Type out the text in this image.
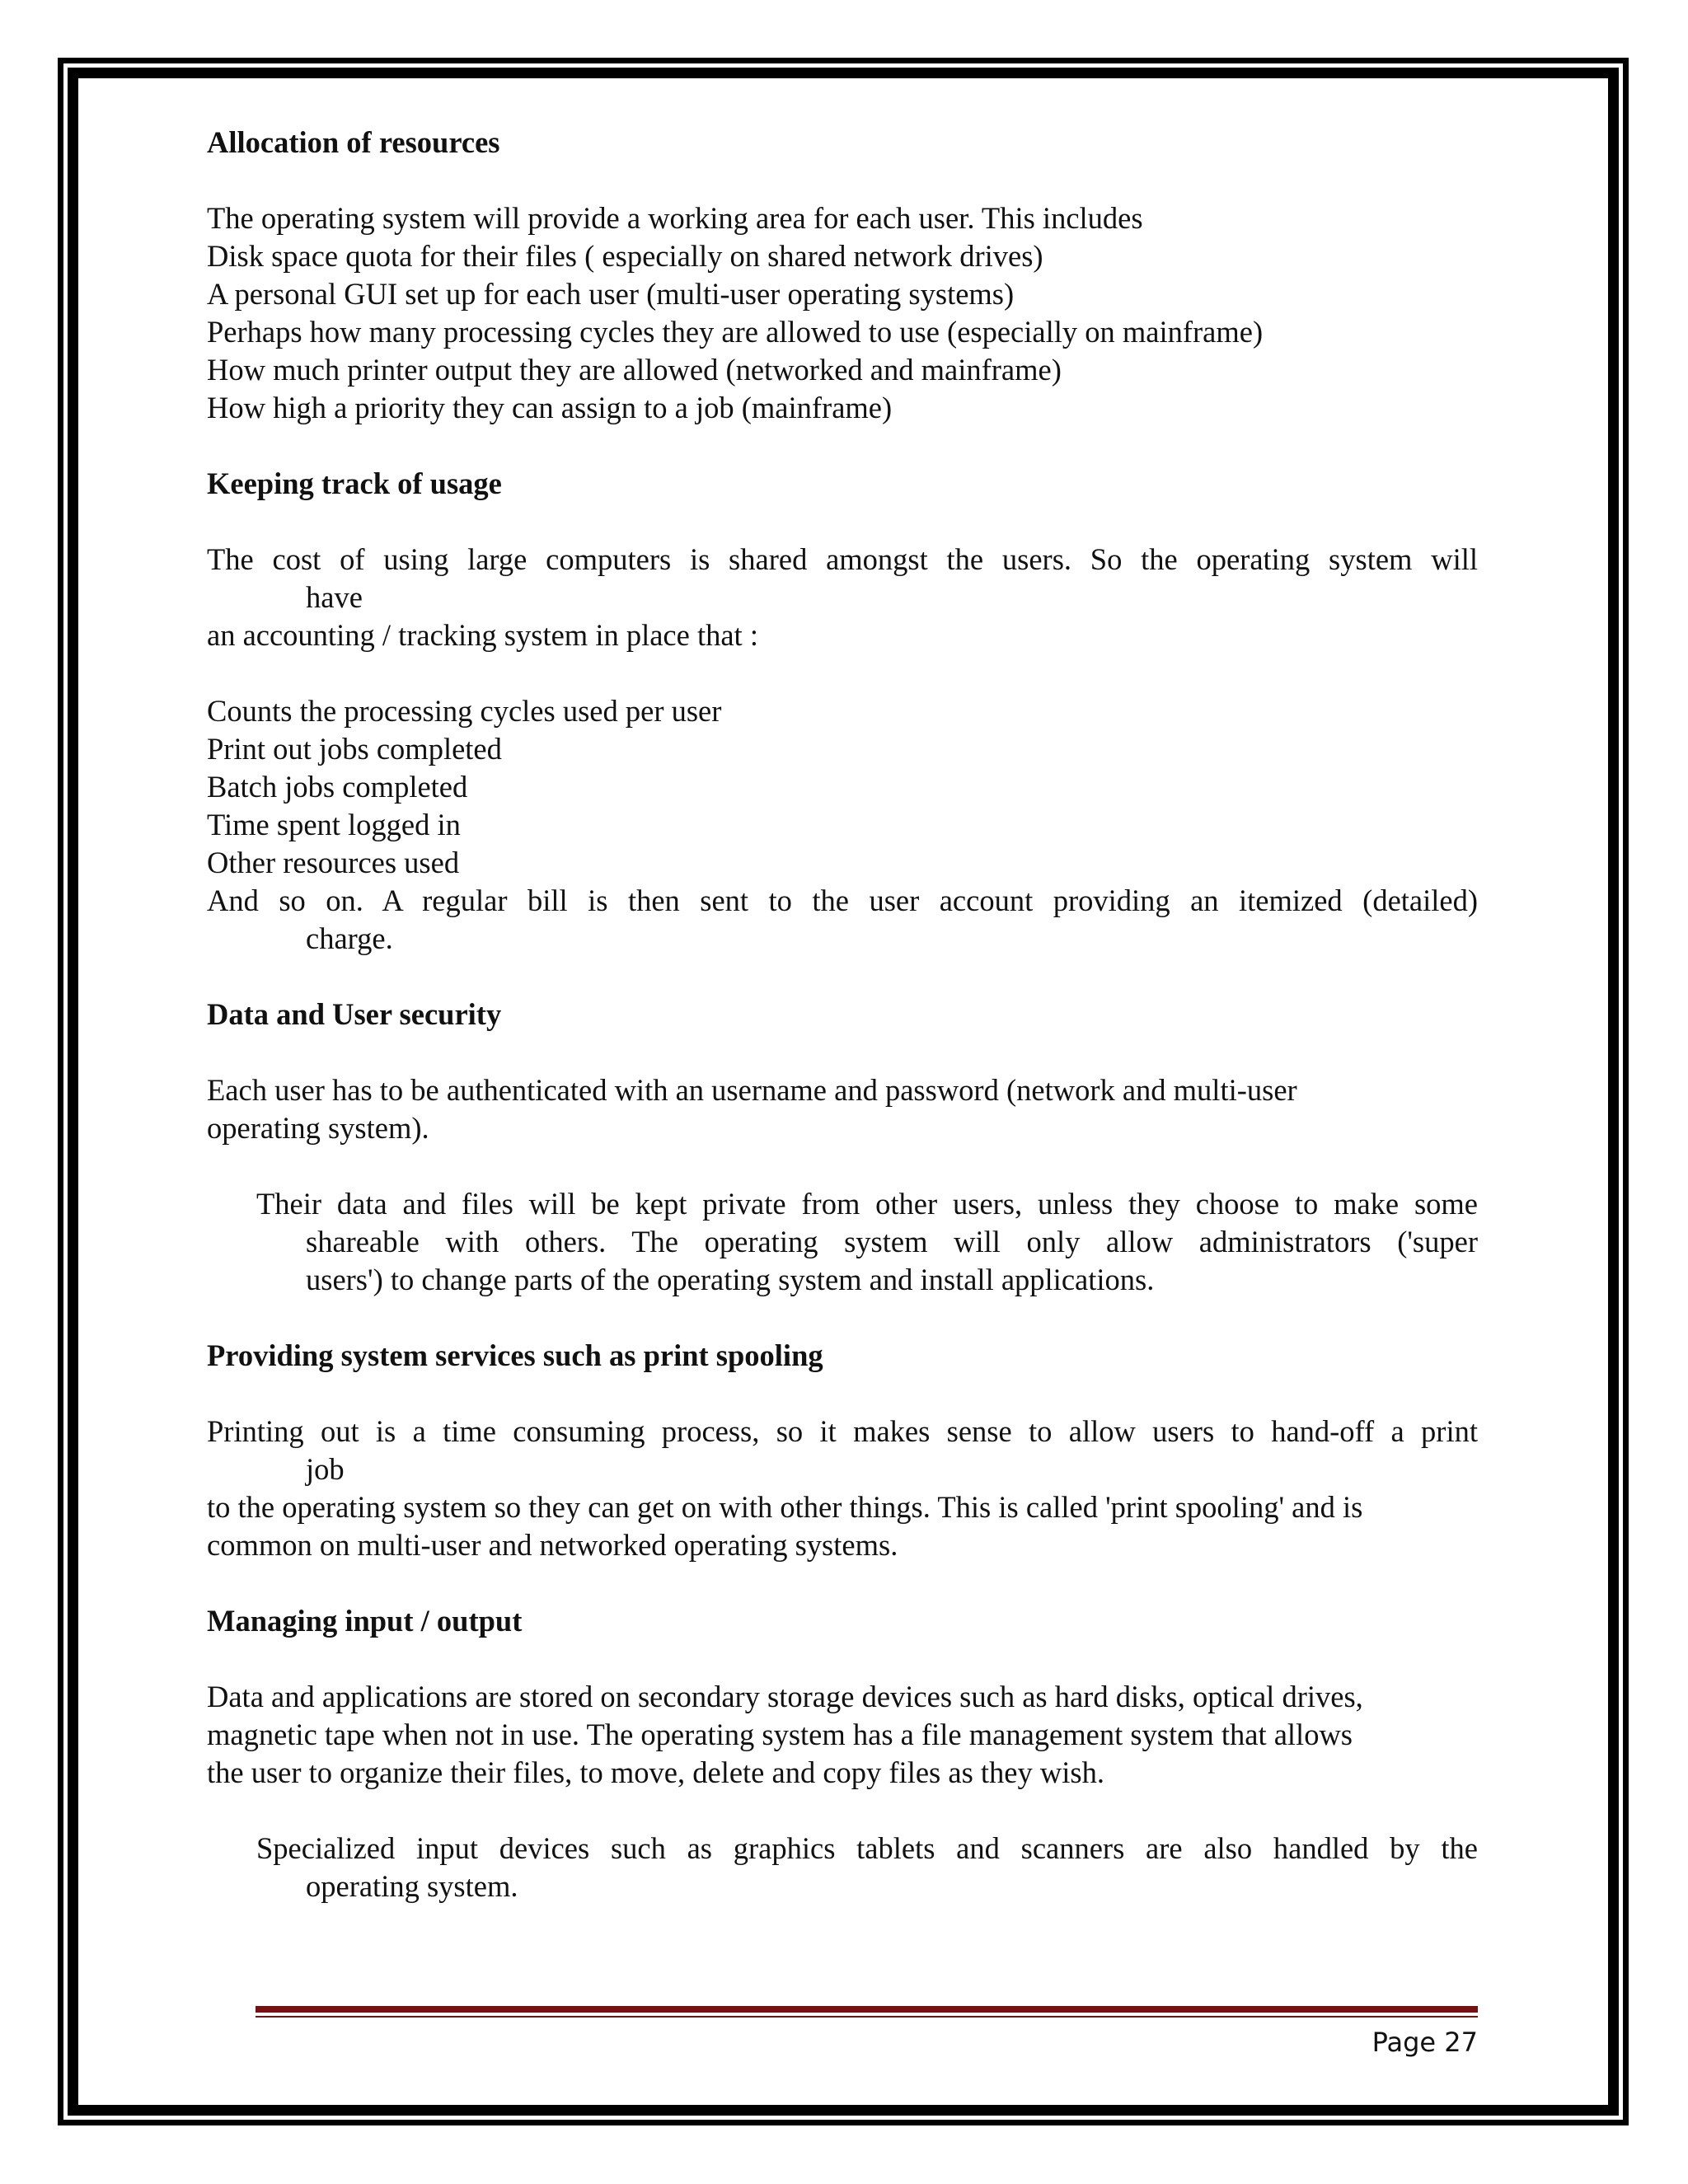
Allocation of resources

The operating system will provide a working area for each user. This includes

Disk space quota for their files ( especially on shared network drives)

A personal GUI set up for each user (multi-user operating systems)

Perhaps how many processing cycles they are allowed to use (especially on mainframe)

How much printer output they are allowed (networked and mainframe)

How high a priority they can assign to a job (mainframe)

Keeping track of usage

The cost of using large computers is shared amongst the users. So the operating system will

have

an accounting / tracking system in place that :

Counts the processing cycles used per user

Print out jobs completed

Batch jobs completed

Time spent logged in

Other resources used

And so on. A regular bill is then sent to the user account providing an itemized (detailed)

charge.

Data and User security

Each user has to be authenticated with an username and password (network and multi-user

operating system).

Their data and files will be kept private from other users, unless they choose to make some

shareable with others. The operating system will only allow administrators ('super

users') to change parts of the operating system and install applications.

Providing system services such as print spooling

Printing out is a time consuming process, so it makes sense to allow users to hand-off a print

job

to the operating system so they can get on with other things. This is called 'print spooling' and is

common on multi-user and networked operating systems.

Managing input / output

Data and applications are stored on secondary storage devices such as hard disks, optical drives,

magnetic tape when not in use. The operating system has a file management system that allows

the user to organize their files, to move, delete and copy files as they wish.

Specialized input devices such as graphics tablets and scanners are also handled by the

operating system.

Page 27
